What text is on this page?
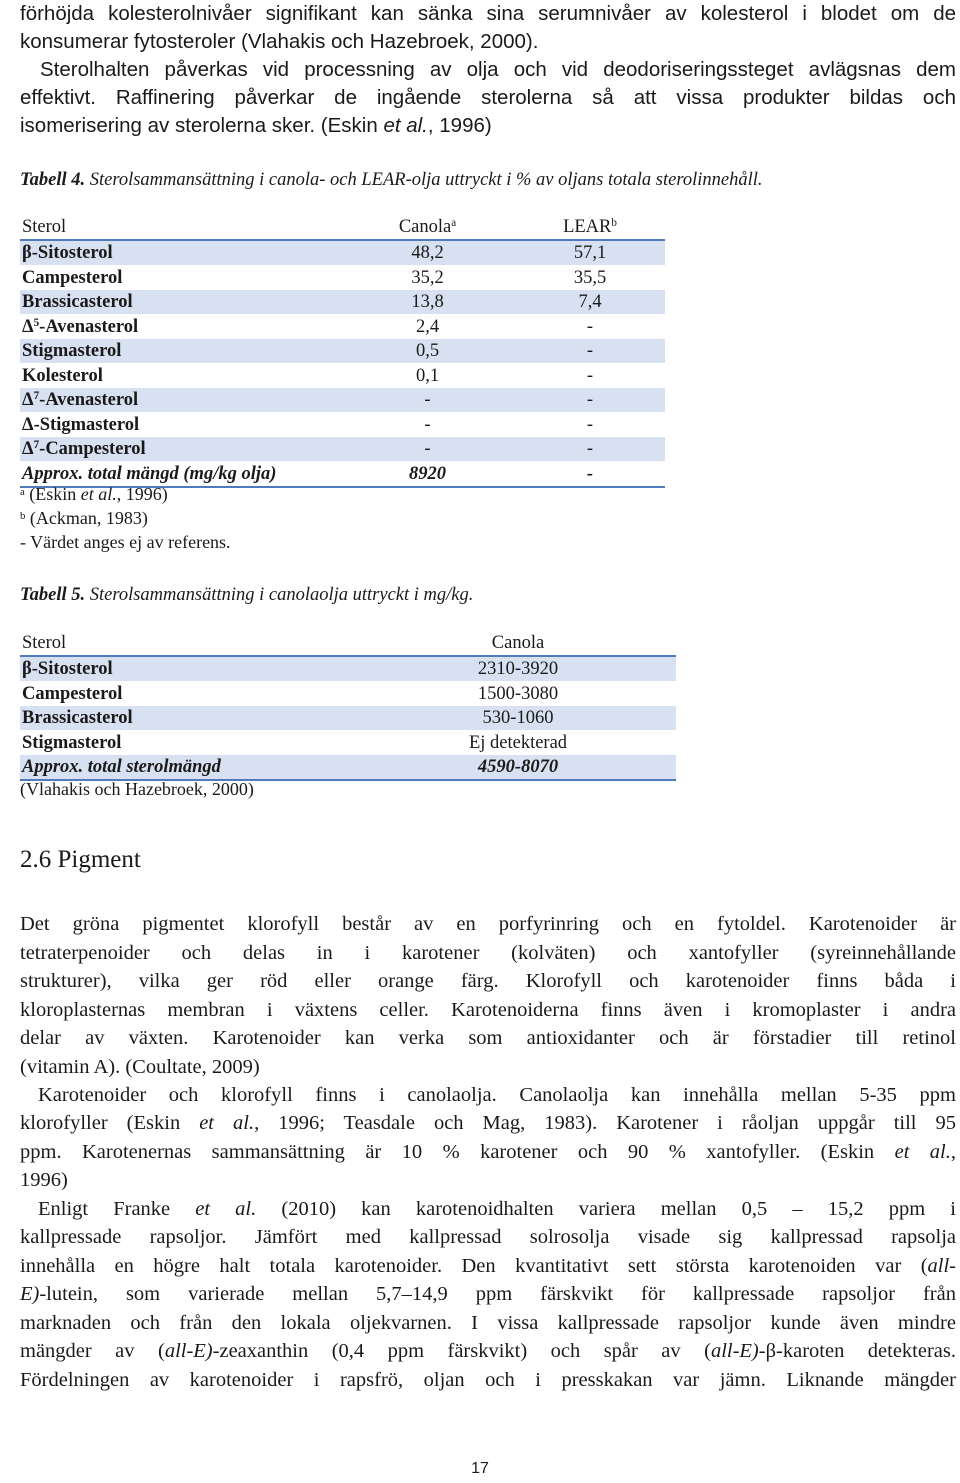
förhöjda kolesterolnivåer signifikant kan sänka sina serumnivåer av kolesterol i blodet om de
konsumerar fytosteroler (Vlahakis och Hazebroek, 2000).
Sterolhalten påverkas vid processning av olja och vid deodoriseringssteget avlägsnas dem
effektivt. Raffinering påverkar de ingående sterolerna så att vissa produkter bildas och
isomerisering av sterolerna sker. (Eskin et al., 1996)
Tabell 4. Sterolsammansättning i canola- och LEAR-olja uttryckt i % av oljans totala sterolinnehåll.
Sterol	Canola$^a$	LEAR$^b$
β-Sitosterol	48,2	57,1
Campesterol	35,2	35,5
Brassicasterol	13,8	7,4
$\Delta^5$-Avenasterol	2,4	-
Stigmasterol	0,5	-
Kolesterol	0,1	-
$\Delta^7$-Avenasterol	-	-
Δ-Stigmasterol	-	-
$\Delta^7$-Campesterol	-	-
Approx. total mängd (mg/kg olja)	8920	-
$^a$ (Eskin et al., 1996)
$^b$ (Ackman, 1983)
- Värdet anges ej av referens.
Tabell 5. Sterolsammansättning i canolaolja uttryckt i mg/kg.
Sterol	Canola
β-Sitosterol	2310-3920
Campesterol	1500-3080
Brassicasterol	530-1060
Stigmasterol	Ej detekterad
Approx. total sterolmängd	4590-8070
(Vlahakis och Hazebroek, 2000)
2.6 Pigment
Det gröna pigmentet klorofyll består av en porfyrinring och en fytoldel. Karotenoider är
tetraterpenoider och delas in i karotener (kolväten) och xantofyller (syreinnehållande
strukturer), vilka ger röd eller orange färg. Klorofyll och karotenoider finns båda i
kloroplasternas membran i växtens celler. Karotenoiderna finns även i kromoplaster i andra
delar av växten. Karotenoider kan verka som antioxidanter och är förstadier till retinol
(vitamin A). (Coultate, 2009)
Karotenoider och klorofyll finns i canolaolja. Canolaolja kan innehålla mellan 5-35 ppm
klorofyller (Eskin et al., 1996; Teasdale och Mag, 1983). Karotener i råoljan uppgår till 95
ppm. Karotenernas sammansättning är 10 % karotener och 90 % xantofyller. (Eskin et al.,
1996)
Enligt Franke et al. (2010) kan karotenoidhalten variera mellan 0,5 – 15,2 ppm i
kallpressade rapsoljor. Jämfört med kallpressad solrosolja visade sig kallpressad rapsolja
innehålla en högre halt totala karotenoider. Den kvantitativt sett största karotenoiden var (all-
E)-lutein, som varierade mellan 5,7–14,9 ppm färskvikt för kallpressade rapsoljor från
marknaden och från den lokala oljekvarnen. I vissa kallpressade rapsoljor kunde även mindre
mängder av (all-E)-zeaxanthin (0,4 ppm färskvikt) och spår av (all-E)-β-karoten detekteras.
Fördelningen av karotenoider i rapsfrö, oljan och i presskakan var jämn. Liknande mängder
17
